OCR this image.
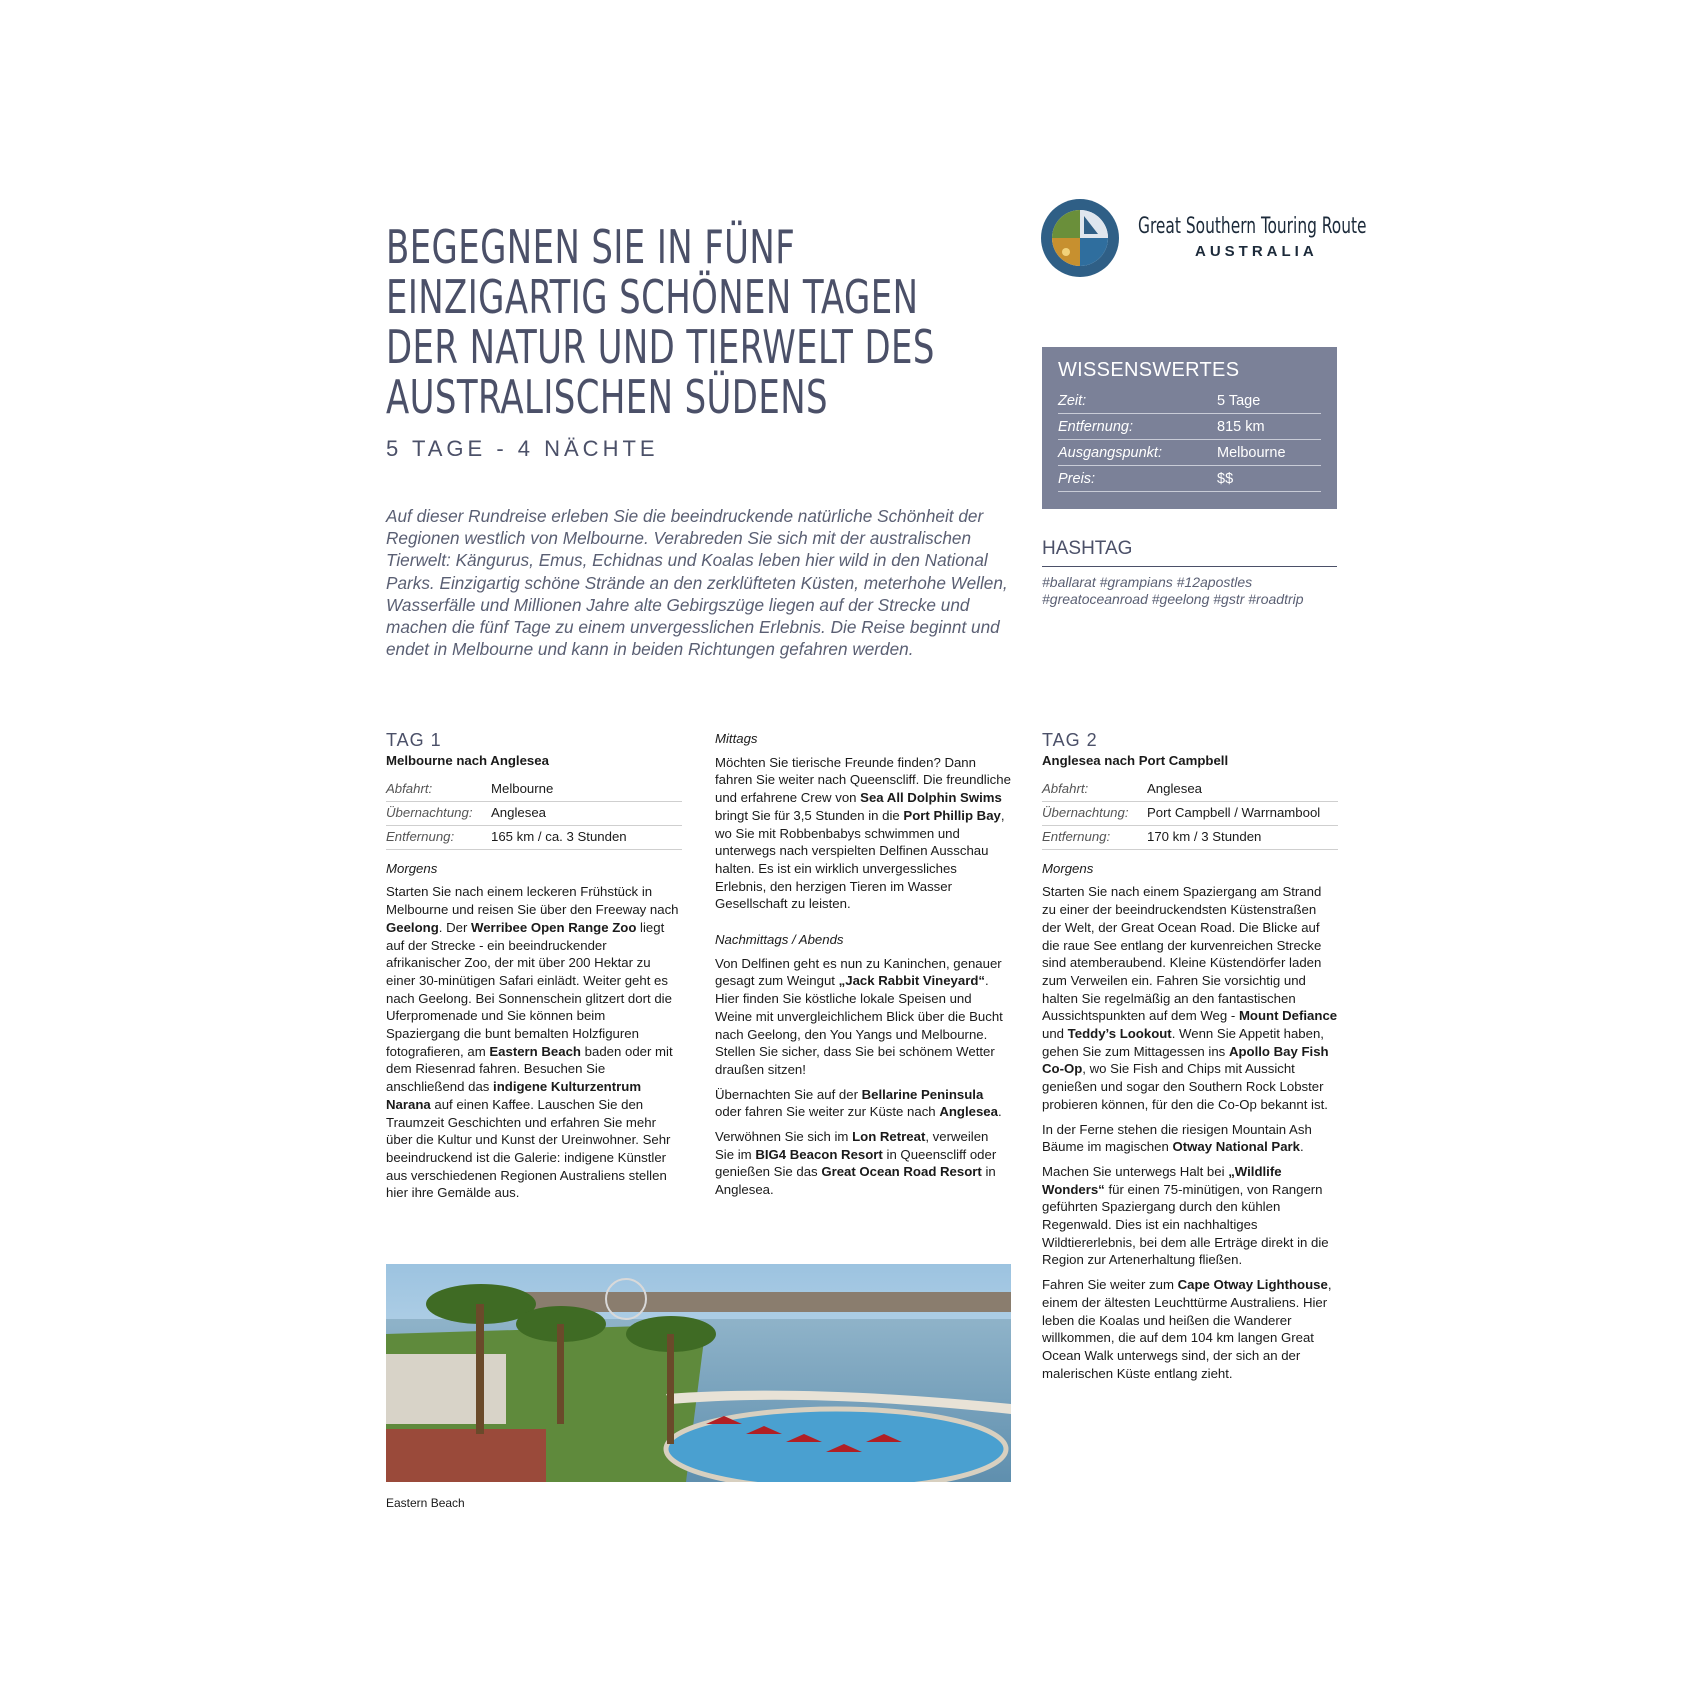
BEGEGNEN SIE IN FÜNF
EINZIGARTIG SCHÖNEN TAGEN
DER NATUR UND TIERWELT DES
AUSTRALISCHEN SÜDENS
5 TAGE - 4 NÄCHTE
Auf dieser Rundreise erleben Sie die beeindruckende natürliche Schönheit der Regionen westlich von Melbourne. Verabreden Sie sich mit der australischen Tierwelt: Kängurus, Emus, Echidnas und Koalas leben hier wild in den National Parks. Einzigartig schöne Strände an den zerklüfteten Küsten, meterhohe Wellen, Wasserfälle und Millionen Jahre alte Gebirgszüge liegen auf der Strecke und machen die fünf Tage zu einem unvergesslichen Erlebnis. Die Reise beginnt und endet in Melbourne und kann in beiden Richtungen gefahren werden.
Great Southern Touring Route
AUSTRALIA
WISSENSWERTES
Zeit:	5 Tage
Entfernung:	815 km
Ausgangspunkt:	Melbourne
Preis:	$$
HASHTAG
#ballarat #grampians #12apostles #greatoceanroad #geelong #gstr #roadtrip
TAG 1
Melbourne nach Anglesea
Abfahrt:	Melbourne
Übernachtung:	Anglesea
Entfernung:	165 km / ca. 3 Stunden
Morgens
Starten Sie nach einem leckeren Frühstück in Melbourne und reisen Sie über den Freeway nach Geelong. Der Werribee Open Range Zoo liegt auf der Strecke - ein beeindruckender afrikanischer Zoo, der mit über 200 Hektar zu einer 30-minütigen Safari einlädt. Weiter geht es nach Geelong. Bei Sonnenschein glitzert dort die Uferpromenade und Sie können beim Spaziergang die bunt bemalten Holzfiguren fotografieren, am Eastern Beach baden oder mit dem Riesenrad fahren. Besuchen Sie anschließend das indigene Kulturzentrum Narana auf einen Kaffee. Lauschen Sie den Traumzeit Geschichten und erfahren Sie mehr über die Kultur und Kunst der Ureinwohner. Sehr beeindruckend ist die Galerie: indigene Künstler aus verschiedenen Regionen Australiens stellen hier ihre Gemälde aus.
Mittags
Möchten Sie tierische Freunde finden? Dann fahren Sie weiter nach Queenscliff. Die freundliche und erfahrene Crew von Sea All Dolphin Swims bringt Sie für 3,5 Stunden in die Port Phillip Bay, wo Sie mit Robbenbabys schwimmen und unterwegs nach verspielten Delfinen Ausschau halten. Es ist ein wirklich unvergessliches Erlebnis, den herzigen Tieren im Wasser Gesellschaft zu leisten.
Nachmittags / Abends
Von Delfinen geht es nun zu Kaninchen, genauer gesagt zum Weingut „Jack Rabbit Vineyard“. Hier finden Sie köstliche lokale Speisen und Weine mit unvergleichlichem Blick über die Bucht nach Geelong, den You Yangs und Melbourne. Stellen Sie sicher, dass Sie bei schönem Wetter draußen sitzen!
Übernachten Sie auf der Bellarine Peninsula oder fahren Sie weiter zur Küste nach Anglesea.
Verwöhnen Sie sich im Lon Retreat, verweilen Sie im BIG4 Beacon Resort in Queenscliff oder genießen Sie das Great Ocean Road Resort in Anglesea.
TAG 2
Anglesea nach Port Campbell
Abfahrt:	Anglesea
Übernachtung:	Port Campbell / Warrnambool
Entfernung:	170 km / 3 Stunden
Morgens
Starten Sie nach einem Spaziergang am Strand zu einer der beeindruckendsten Küstenstraßen der Welt, der Great Ocean Road. Die Blicke auf die raue See entlang der kurvenreichen Strecke sind atemberaubend. Kleine Küstendörfer laden zum Verweilen ein. Fahren Sie vorsichtig und halten Sie regelmäßig an den fantastischen Aussichtspunkten auf dem Weg - Mount Defiance und Teddy’s Lookout. Wenn Sie Appetit haben, gehen Sie zum Mittagessen ins Apollo Bay Fish Co-Op, wo Sie Fish and Chips mit Aussicht genießen und sogar den Southern Rock Lobster probieren können, für den die Co-Op bekannt ist.
In der Ferne stehen die riesigen Mountain Ash Bäume im magischen Otway National Park.
Machen Sie unterwegs Halt bei „Wildlife Wonders“ für einen 75-minütigen, von Rangern geführten Spaziergang durch den kühlen Regenwald. Dies ist ein nachhaltiges Wildtiererlebnis, bei dem alle Erträge direkt in die Region zur Artenerhaltung fließen.
Fahren Sie weiter zum Cape Otway Lighthouse, einem der ältesten Leuchttürme Australiens. Hier leben die Koalas und heißen die Wanderer willkommen, die auf dem 104 km langen Great Ocean Walk unterwegs sind, der sich an der malerischen Küste entlang zieht.
Eastern Beach
